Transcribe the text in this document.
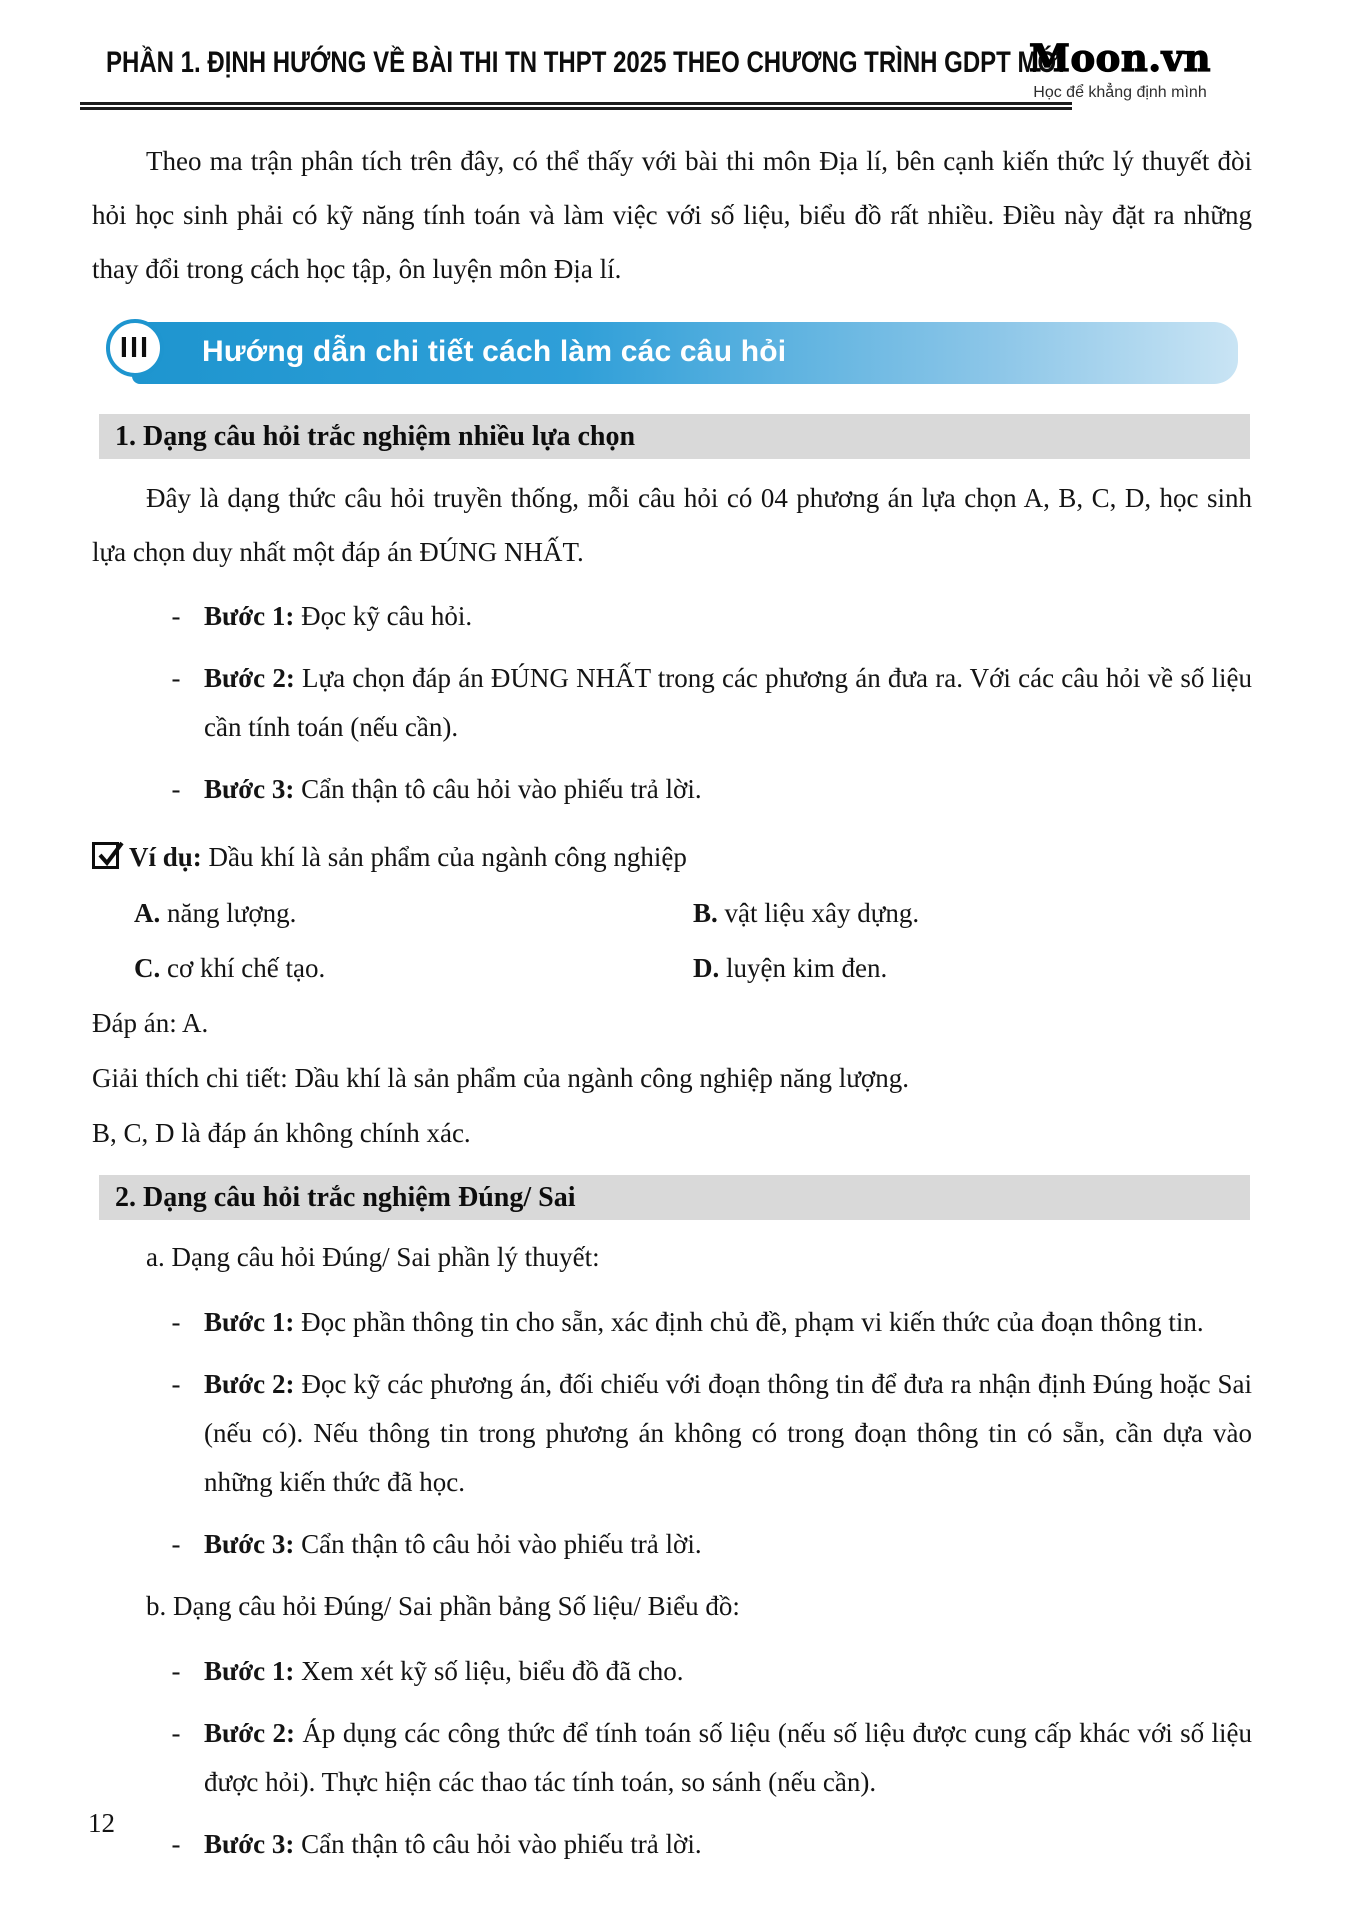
PHẦN 1. ĐỊNH HƯỚNG VỀ BÀI THI TN THPT 2025 THEO CHƯƠNG TRÌNH GDPT MỚI
Moon.vn
Học để khẳng định mình
Theo ma trận phân tích trên đây, có thể thấy với bài thi môn Địa lí, bên cạnh kiến thức lý thuyết đòi hỏi học sinh phải có kỹ năng tính toán và làm việc với số liệu, biểu đồ rất nhiều. Điều này đặt ra những thay đổi trong cách học tập, ôn luyện môn Địa lí.
III	Hướng dẫn chi tiết cách làm các câu hỏi
1. Dạng câu hỏi trắc nghiệm nhiều lựa chọn
Đây là dạng thức câu hỏi truyền thống, mỗi câu hỏi có 04 phương án lựa chọn A, B, C, D, học sinh lựa chọn duy nhất một đáp án ĐÚNG NHẤT.
- Bước 1: Đọc kỹ câu hỏi.
- Bước 2: Lựa chọn đáp án ĐÚNG NHẤT trong các phương án đưa ra. Với các câu hỏi về số liệu cần tính toán (nếu cần).
- Bước 3: Cẩn thận tô câu hỏi vào phiếu trả lời.
Ví dụ: Dầu khí là sản phẩm của ngành công nghiệp
A. năng lượng.	B. vật liệu xây dựng.
C. cơ khí chế tạo.	D. luyện kim đen.
Đáp án: A.
Giải thích chi tiết: Dầu khí là sản phẩm của ngành công nghiệp năng lượng.
B, C, D là đáp án không chính xác.
2. Dạng câu hỏi trắc nghiệm Đúng/ Sai
a. Dạng câu hỏi Đúng/ Sai phần lý thuyết:
- Bước 1: Đọc phần thông tin cho sẵn, xác định chủ đề, phạm vi kiến thức của đoạn thông tin.
- Bước 2: Đọc kỹ các phương án, đối chiếu với đoạn thông tin để đưa ra nhận định Đúng hoặc Sai (nếu có). Nếu thông tin trong phương án không có trong đoạn thông tin có sẵn, cần dựa vào những kiến thức đã học.
- Bước 3: Cẩn thận tô câu hỏi vào phiếu trả lời.
b. Dạng câu hỏi Đúng/ Sai phần bảng Số liệu/ Biểu đồ:
- Bước 1: Xem xét kỹ số liệu, biểu đồ đã cho.
- Bước 2: Áp dụng các công thức để tính toán số liệu (nếu số liệu được cung cấp khác với số liệu được hỏi). Thực hiện các thao tác tính toán, so sánh (nếu cần).
- Bước 3: Cẩn thận tô câu hỏi vào phiếu trả lời.
12
